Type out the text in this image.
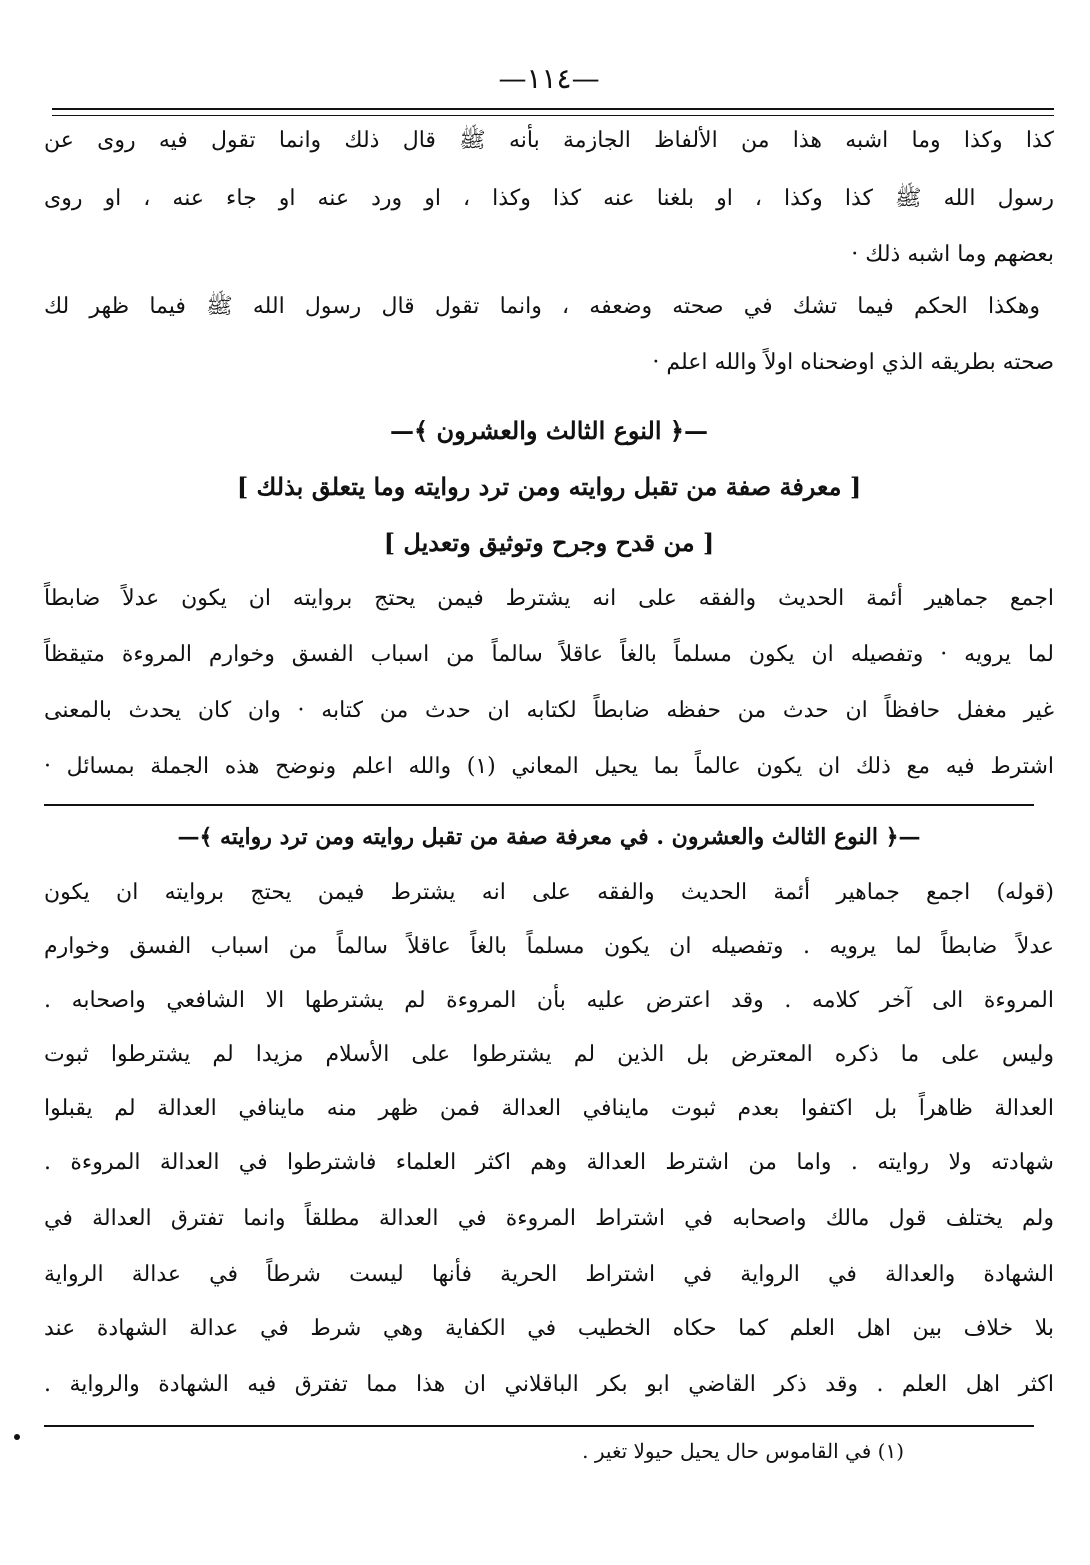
—١١٤—
كذا وكذا وما اشبه هذا من الألفاظ الجازمة بأنه ﷺ قال ذلك وانما تقول فيه روى عن
رسول الله ﷺ كذا وكذا ، او بلغنا عنه كذا وكذا ، او ورد عنه او جاء عنه ، او روى
بعضهم وما اشبه ذلك ·
وهكذا الحكم فيما تشك في صحته وضعفه ، وانما تقول قال رسول الله ﷺ فيما ظهر لك
صحته بطريقه الذي اوضحناه اولاً والله اعلم ·
—﴿ النوع الثالث والعشرون ﴾—
[ معرفة صفة من تقبل روايته ومن ترد روايته وما يتعلق بذلك ]
[ من قدح وجرح وتوثيق وتعديل ]
اجمع جماهير أئمة الحديث والفقه على انه يشترط فيمن يحتج بروايته ان يكون عدلاً ضابطاً
لما يرويه · وتفصيله ان يكون مسلماً بالغاً عاقلاً سالماً من اسباب الفسق وخوارم المروءة متيقظاً
غير مغفل حافظاً ان حدث من حفظه ضابطاً لكتابه ان حدث من كتابه · وان كان يحدث بالمعنى
اشترط فيه مع ذلك ان يكون عالماً بما يحيل المعاني (١) والله اعلم ونوضح هذه الجملة بمسائل ·
—﴿ النوع الثالث والعشرون . في معرفة صفة من تقبل روايته ومن ترد روايته ﴾—
(قوله) اجمع جماهير أئمة الحديث والفقه على انه يشترط فيمن يحتج بروايته ان يكون
عدلاً ضابطاً لما يرويه . وتفصيله ان يكون مسلماً بالغاً عاقلاً سالماً من اسباب الفسق وخوارم
المروءة الى آخر كلامه . وقد اعترض عليه بأن المروءة لم يشترطها الا الشافعي واصحابه .
وليس على ما ذكره المعترض بل الذين لم يشترطوا على الأسلام مزيدا لم يشترطوا ثبوت
العدالة ظاهراً بل اكتفوا بعدم ثبوت ماينافي العدالة فمن ظهر منه ماينافي العدالة لم يقبلوا
شهادته ولا روايته . واما من اشترط العدالة وهم اكثر العلماء فاشترطوا في العدالة المروءة .
ولم يختلف قول مالك واصحابه في اشتراط المروءة في العدالة مطلقاً وانما تفترق العدالة في
الشهادة والعدالة في الرواية في اشتراط الحرية فأنها ليست شرطاً في عدالة الرواية
بلا خلاف بين اهل العلم كما حكاه الخطيب في الكفاية وهي شرط في عدالة الشهادة عند
اكثر اهل العلم . وقد ذكر القاضي ابو بكر الباقلاني ان هذا مما تفترق فيه الشهادة والرواية .
(١) في القاموس حال يحيل حيولا تغير .
